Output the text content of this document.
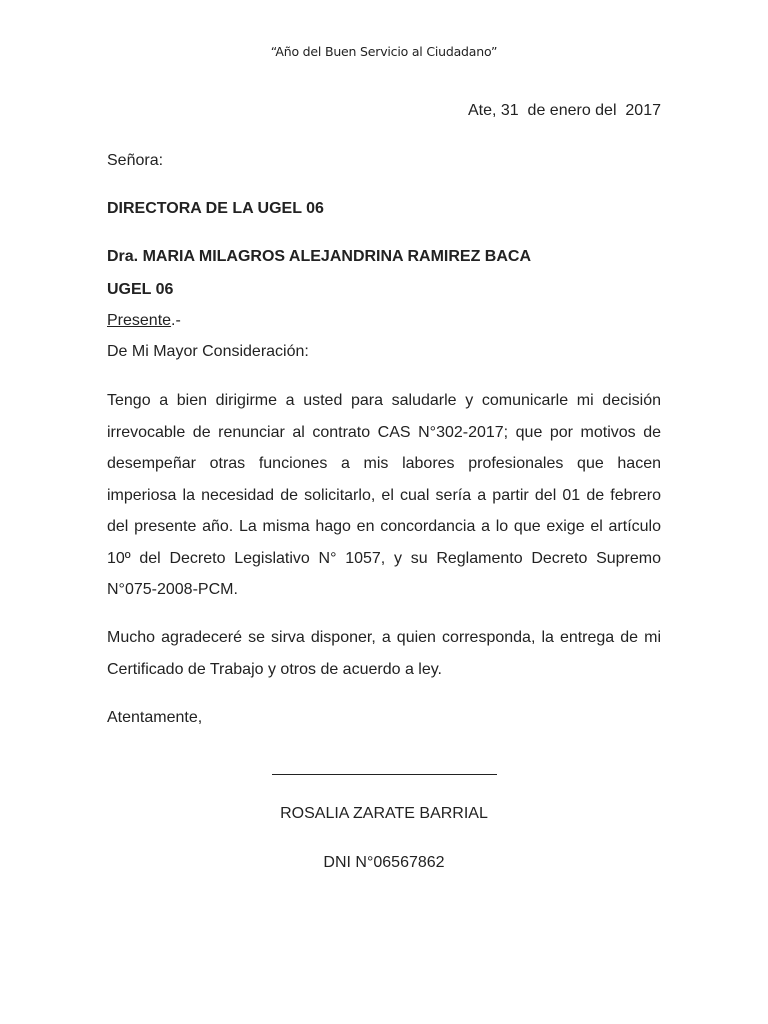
“Año del Buen Servicio al Ciudadano”
Ate, 31  de enero del  2017
Señora:
DIRECTORA DE LA UGEL 06
Dra. MARIA MILAGROS ALEJANDRINA RAMIREZ BACA
UGEL 06
Presente.-
De Mi Mayor Consideración:
Tengo a bien dirigirme a usted para saludarle y comunicarle mi decisión irrevocable de renunciar al contrato CAS N°302-2017; que por motivos de desempeñar otras funciones a mis labores profesionales que hacen imperiosa la necesidad de solicitarlo, el cual sería a partir del 01 de febrero del presente año. La misma hago en concordancia a lo que exige el artículo 10º del Decreto Legislativo N° 1057, y su Reglamento Decreto Supremo N°075-2008-PCM.
Mucho agradeceré se sirva disponer, a quien corresponda, la entrega de mi Certificado de Trabajo y otros de acuerdo a ley.
Atentamente,
ROSALIA ZARATE BARRIAL
DNI N°06567862
